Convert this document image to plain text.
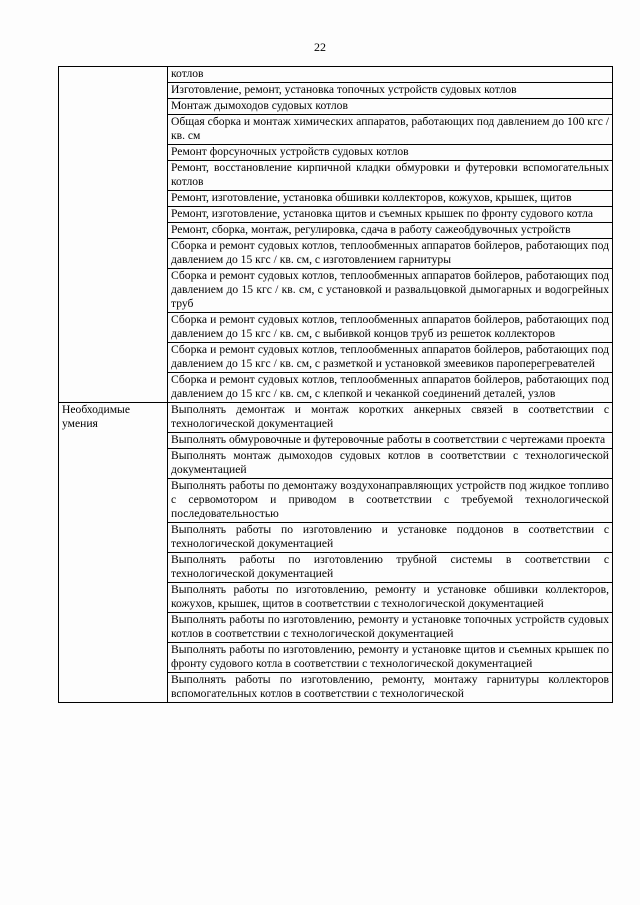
22
	котлов
	Изготовление, ремонт, установка топочных устройств судовых котлов
	Монтаж дымоходов судовых котлов
	Общая сборка и монтаж химических аппаратов, работающих под давлением до 100 кгс / кв. см
	Ремонт форсуночных устройств судовых котлов
	Ремонт, восстановление кирпичной кладки обмуровки и футеровки вспомогательных котлов
	Ремонт, изготовление, установка обшивки коллекторов, кожухов, крышек, щитов
	Ремонт, изготовление, установка щитов и съемных крышек по фронту судового котла
	Ремонт, сборка, монтаж, регулировка, сдача в работу сажеобдувочных устройств
	Сборка и ремонт судовых котлов, теплообменных аппаратов бойлеров, работающих под давлением до 15 кгс / кв. см, с изготовлением гарнитуры
	Сборка и ремонт судовых котлов, теплообменных аппаратов бойлеров, работающих под давлением до 15 кгс / кв. см, с установкой и развальцовкой дымогарных и водогрейных труб
	Сборка и ремонт судовых котлов, теплообменных аппаратов бойлеров, работающих под давлением до 15 кгс / кв. см, с выбивкой концов труб из решеток коллекторов
	Сборка и ремонт судовых котлов, теплообменных аппаратов бойлеров, работающих под давлением до 15 кгс / кв. см, с разметкой и установкой змеевиков пароперегревателей
	Сборка и ремонт судовых котлов, теплообменных аппаратов бойлеров, работающих под давлением до 15 кгс / кв. см, с клепкой и чеканкой соединений деталей, узлов
Необходимые умения	Выполнять демонтаж и монтаж коротких анкерных связей в соответствии с технологической документацией
	Выполнять обмуровочные и футеровочные работы в соответствии с чертежами проекта
	Выполнять монтаж дымоходов судовых котлов в соответствии с технологической документацией
	Выполнять работы по демонтажу воздухонаправляющих устройств под жидкое топливо с сервомотором и приводом в соответствии с требуемой технологической последовательностью
	Выполнять работы по изготовлению и установке поддонов в соответствии с технологической документацией
	Выполнять работы по изготовлению трубной системы в соответствии с технологической документацией
	Выполнять работы по изготовлению, ремонту и установке обшивки коллекторов, кожухов, крышек, щитов в соответствии с технологической документацией
	Выполнять работы по изготовлению, ремонту и установке топочных устройств судовых котлов в соответствии с технологической документацией
	Выполнять работы по изготовлению, ремонту и установке щитов и съемных крышек по фронту судового котла в соответствии с технологической документацией
	Выполнять работы по изготовлению, ремонту, монтажу гарнитуры коллекторов вспомогательных котлов в соответствии с технологической
